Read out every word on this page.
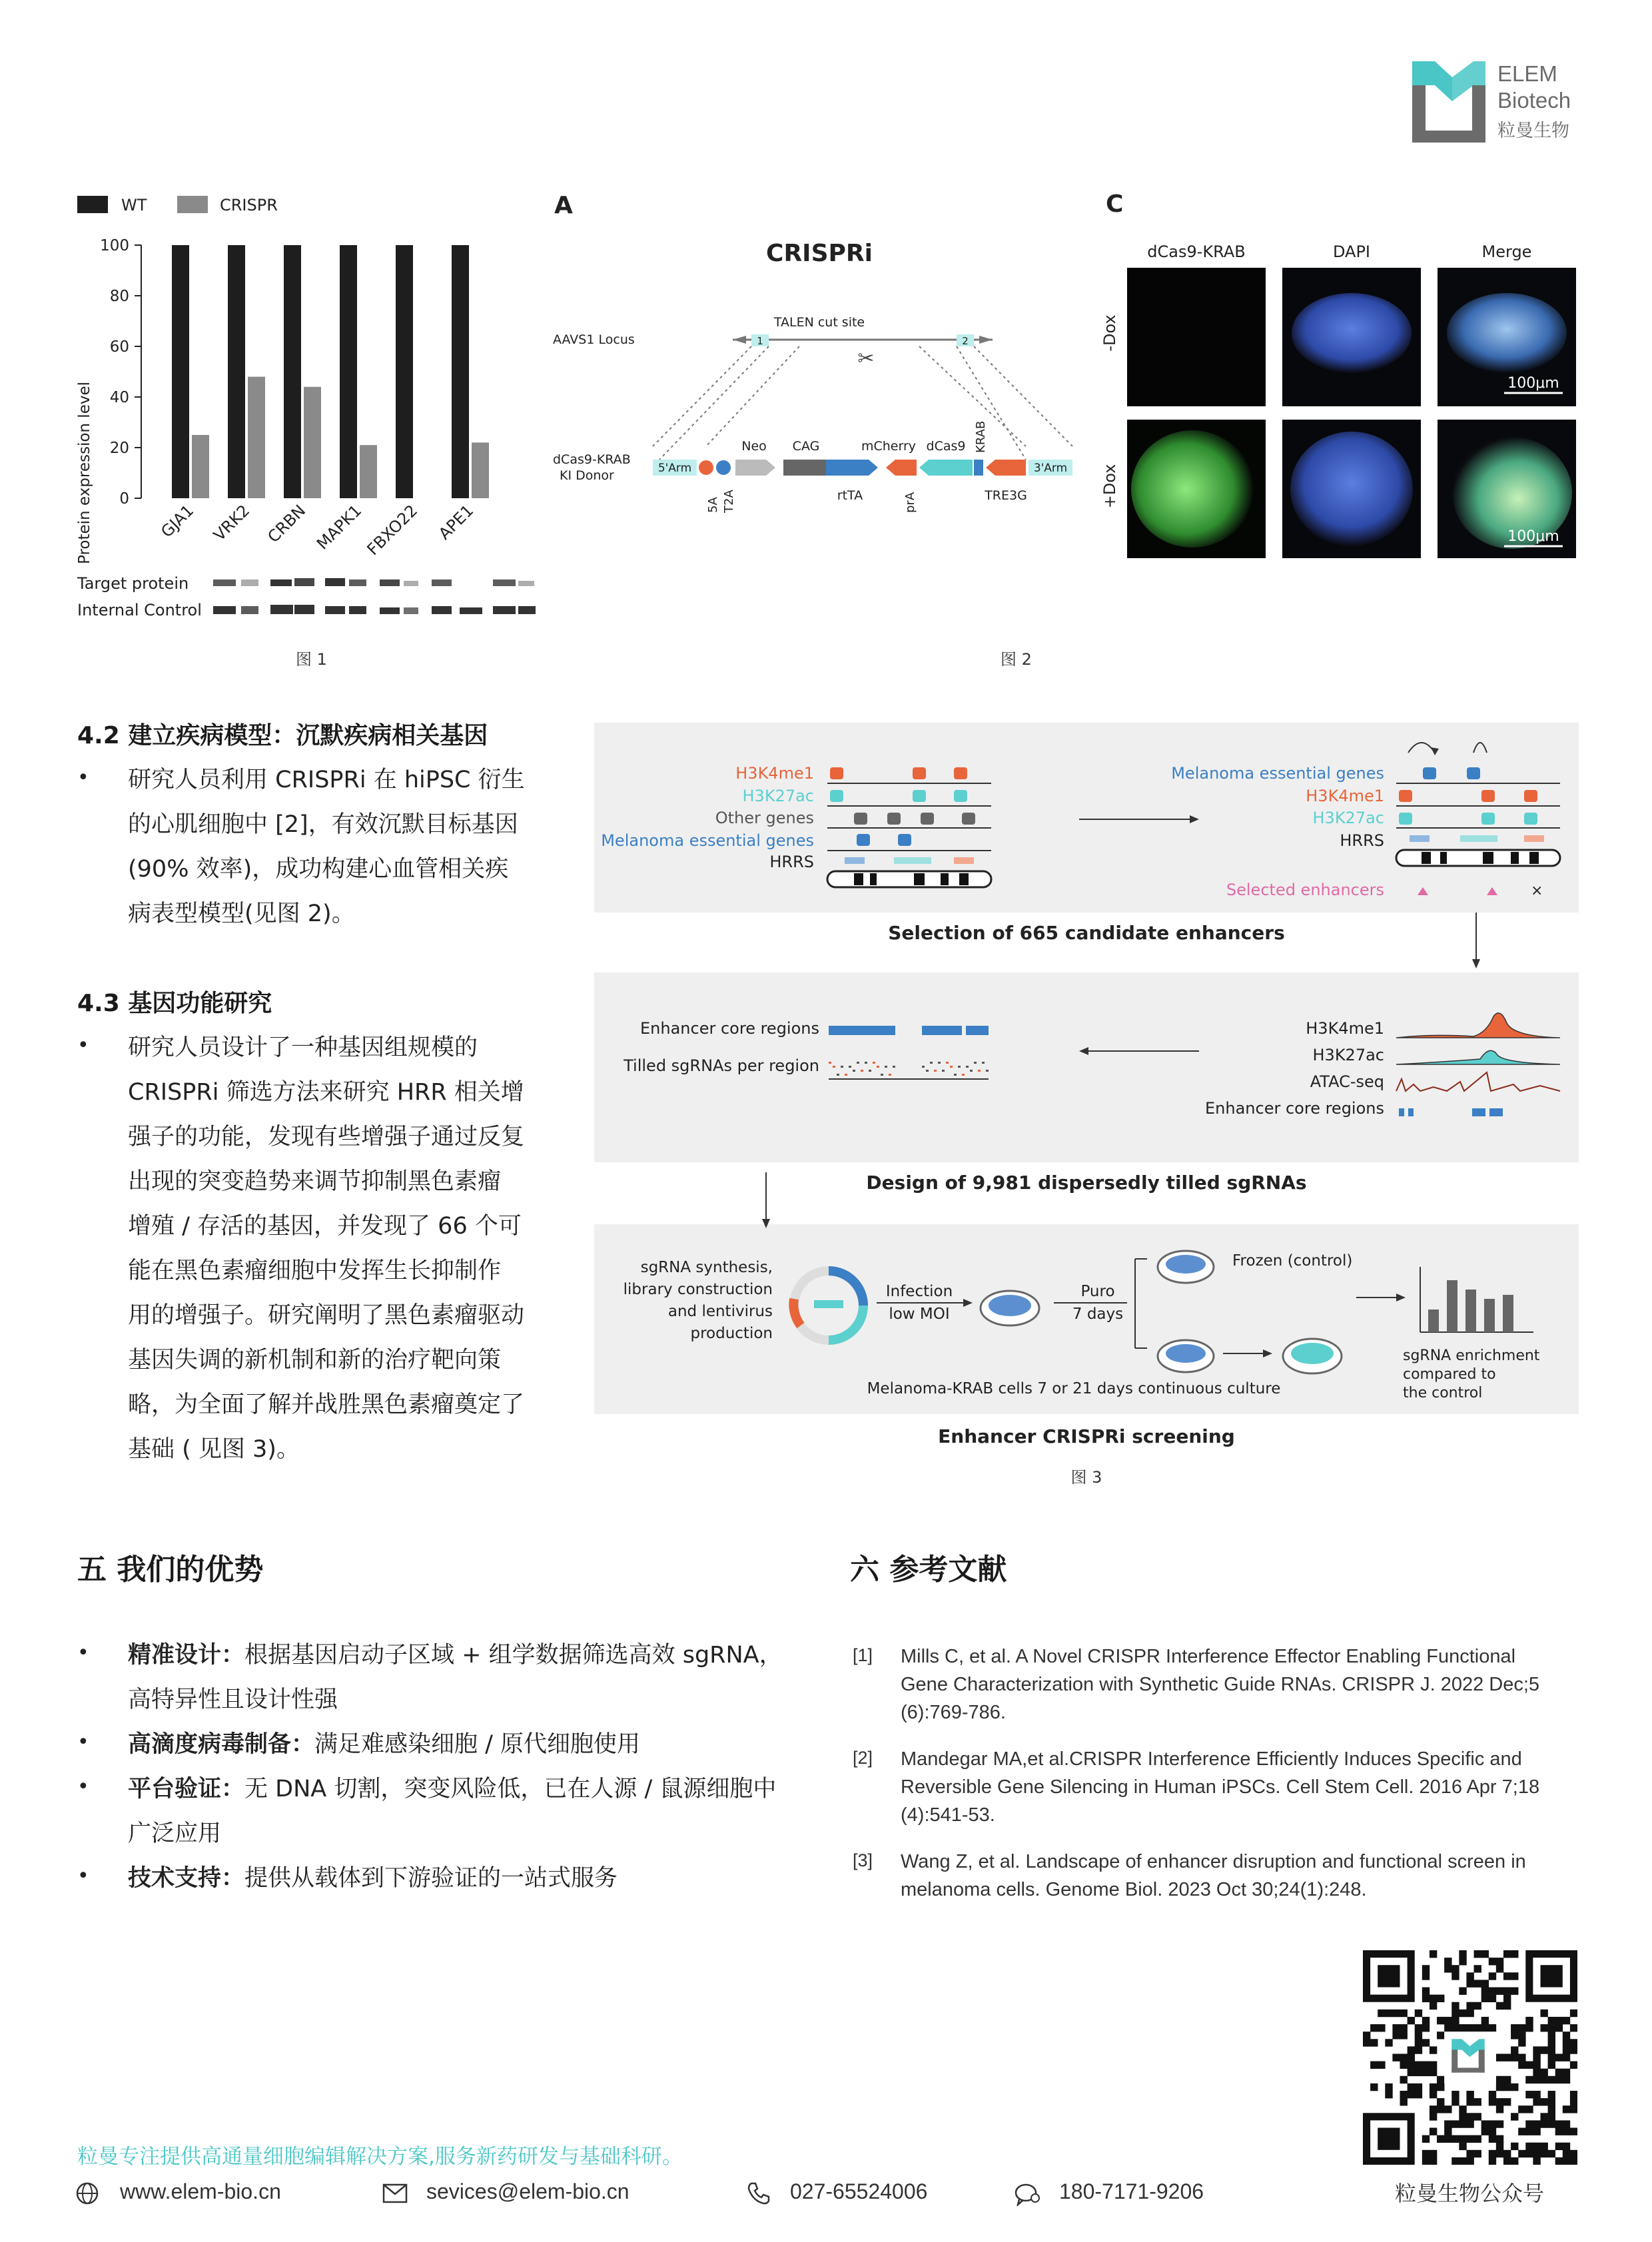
ELEM
Biotech
粒曼生物
WT	CRISPR
Protein expression level 0
20
40
60
80
100
GJA1 VRK2 CRBN MAPK1
FBXO22 APE1
Target protein
Internal Control
图 1
A
CRISPRi
AAVS1 Locus
TALEN cut site
1	2
✂
dCas9-KRAB
KI Donor	5'Arm	3'Arm
Neo CAG	mCherry dCas9 KRAB
5A T2A	rtTA	prA	TRE3G
图 2
C
dCas9-KRAB	DAPI	Merge
-Dox
+Dox
100μm
100μm
4.2 建立疾病模型：沉默疾病相关基因
• 研究人员利用 CRISPRi 在 hiPSC 衍生
的心肌细胞中 [2]，有效沉默目标基因
(90% 效率)，成功构建心血管相关疾
病表型模型(见图 2)。
4.3 基因功能研究
• 研究人员设计了一种基因组规模的
CRISPRi 筛选方法来研究 HRR 相关增
强子的功能，发现有些增强子通过反复
出现的突变趋势来调节抑制黑色素瘤
增殖 / 存活的基因，并发现了 66 个可
能在黑色素瘤细胞中发挥生长抑制作
用的增强子。研究阐明了黑色素瘤驱动
基因失调的新机制和新的治疗靶向策
略，为全面了解并战胜黑色素瘤奠定了
基础 ( 见图 3)。
H3K4me1
H3K27ac
Other genes
Melanoma essential genes
HRRS
Melanoma essential genes
H3K4me1
H3K27ac
HRRS
Selected enhancers	×
Selection of 665 candidate enhancers
Enhancer core regions
Tilled sgRNAs per region
H3K4me1
H3K27ac
ATAC-seq
Enhancer core regions
Design of 9,981 dispersedly tilled sgRNAs
sgRNA synthesis,
library construction
and lentivirus
production
Infection
low MOI
Puro
7 days
Frozen (control)
sgRNA enrichment
compared to
the control
Melanoma-KRAB cells 7 or 21 days continuous culture
Enhancer CRISPRi screening
图 3
五 我们的优势
• 精准设计：根据基因启动子区域 + 组学数据筛选高效 sgRNA，
高特异性且设计性强
• 高滴度病毒制备：满足难感染细胞 / 原代细胞使用
• 平台验证：无 DNA 切割，突变风险低，已在人源 / 鼠源细胞中
广泛应用
• 技术支持：提供从载体到下游验证的一站式服务
六 参考文献
[1] Mills C, et al. A Novel CRISPR Interference Effector Enabling Functional
Gene Characterization with Synthetic Guide RNAs. CRISPR J. 2022 Dec;5
(6):769-786.
[2] Mandegar MA,et al.CRISPR Interference Efficiently Induces Specific and
Reversible Gene Silencing in Human iPSCs. Cell Stem Cell. 2016 Apr 7;18
(4):541-53.
[3] Wang Z, et al. Landscape of enhancer disruption and functional screen in
melanoma cells. Genome Biol. 2023 Oct 30;24(1):248.
粒曼生物公众号
粒曼专注提供高通量细胞编辑解决方案,服务新药研发与基础科研。
www.elem-bio.cn	sevices@elem-bio.cn	027-65524006	180-7171-9206
